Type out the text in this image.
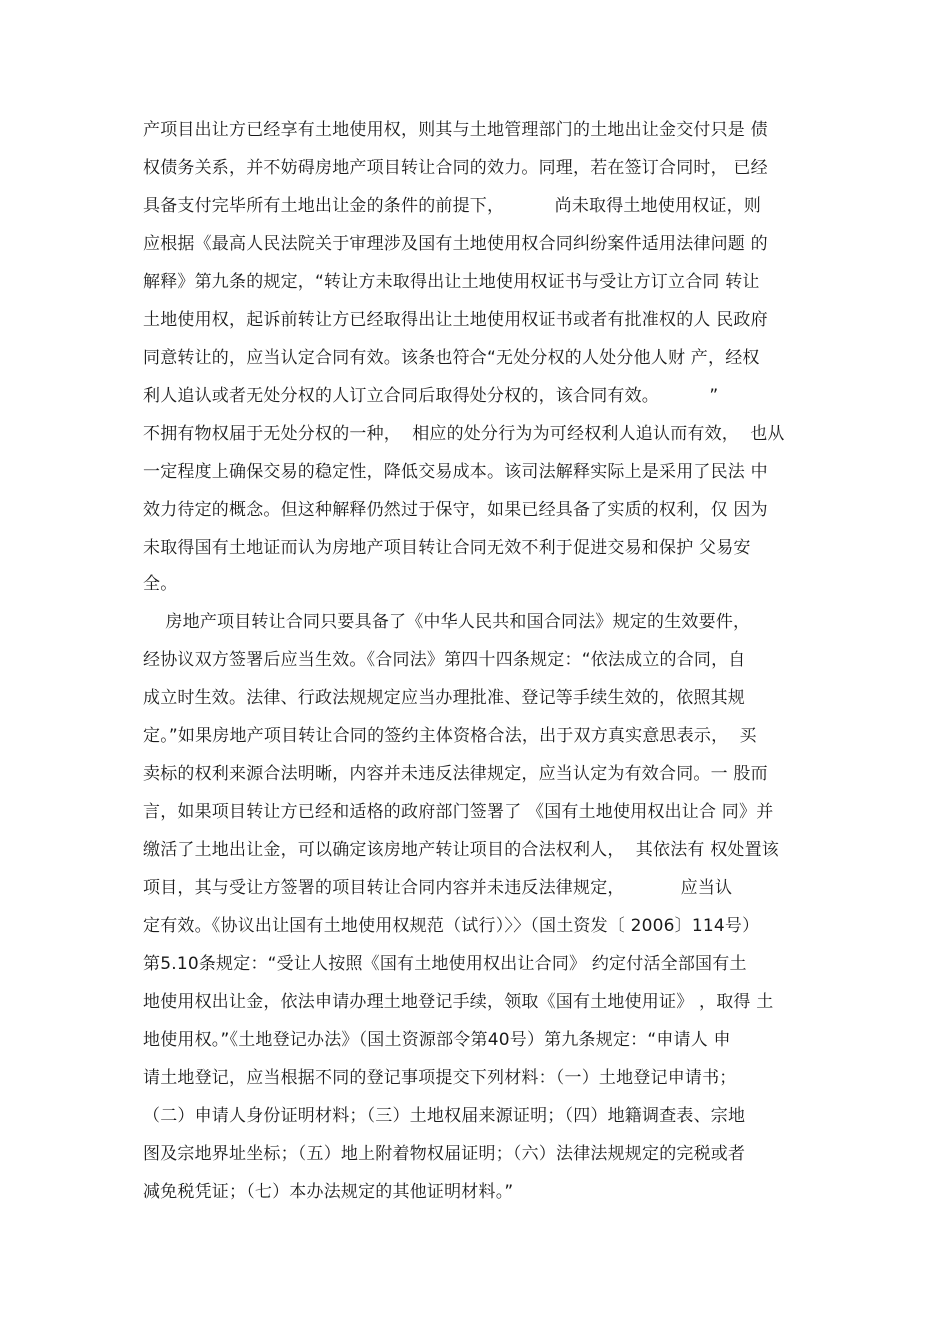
产项目出让方已经享有土地使用权，则其与土地管理部门的土地出让金交付只是 债
权债务关系，并不妨碍房地产项目转让合同的效力。同理，若在签订合同时， 已经
具备支付完毕所有土地出让金的条件的前提下，         尚未取得土地使用权证，则
应根据《最高人民法院关于审理涉及国有土地使用权合同纠纷案件适用法律问题 的
解释》第九条的规定，“转让方未取得出让土地使用权证书与受让方订立合同 转让
土地使用权，起诉前转让方已经取得出让土地使用权证书或者有批准权的人 民政府
同意转让的，应当认定合同有效。该条也符合“无处分权的人处分他人财 产，经权
利人追认或者无处分权的人订立合同后取得处分权的，该合同有效。         ”
不拥有物权届于无处分权的一种，  相应的处分行为为可经权利人追认而有效，  也从
一定程度上确保交易的稳定性，降低交易成本。该司法解释实际上是采用了民法 中
效力待定的概念。但这种解释仍然过于保守，如果已经具备了实质的权利，仅 因为
未取得国有土地证而认为房地产项目转让合同无效不利于促进交易和保护 父易安
全。
房地产项目转让合同只要具备了《中华人民共和国合同法》规定的生效要件，
经协议双方签署后应当生效。《合同法》第四十四条规定：“依法成立的合同，自
成立时生效。法律、行政法规规定应当办理批准、登记等手续生效的，依照其规
定。”如果房地产项目转让合同的签约主体资格合法，出于双方真实意思表示，  买
卖标的权利来源合法明晰，内容并未违反法律规定，应当认定为有效合同。一 股而
言，如果项目转让方已经和适格的政府部门签署了 《国有土地使用权出让合 同》并
缴活了土地出让金，可以确定该房地产转让项目的合法权利人，  其依法有 权处置该
项目，其与受让方签署的项目转让合同内容并未违反法律规定，          应当认
定有效。《协议出让国有土地使用权规范（试行）〉〉（国土资发〔 2006〕114号）
第5.10条规定：“受让人按照《国有土地使用权出让合同》 约定付活全部国有土
地使用权出让金，依法申请办理土地登记手续，领取《国有土地使用证》 ，取得 土
地使用权。”《土地登记办法》（国土资源部令第40号）第九条规定：“申请人 申
请土地登记，应当根据不同的登记事项提交下列材料：（一）土地登记申请书；
（二）申请人身份证明材料；（三）土地权届来源证明；（四）地籍调查表、宗地
图及宗地界址坐标；（五）地上附着物权届证明；（六）法律法规规定的完税或者
减免税凭证；（七）本办法规定的其他证明材料。”
